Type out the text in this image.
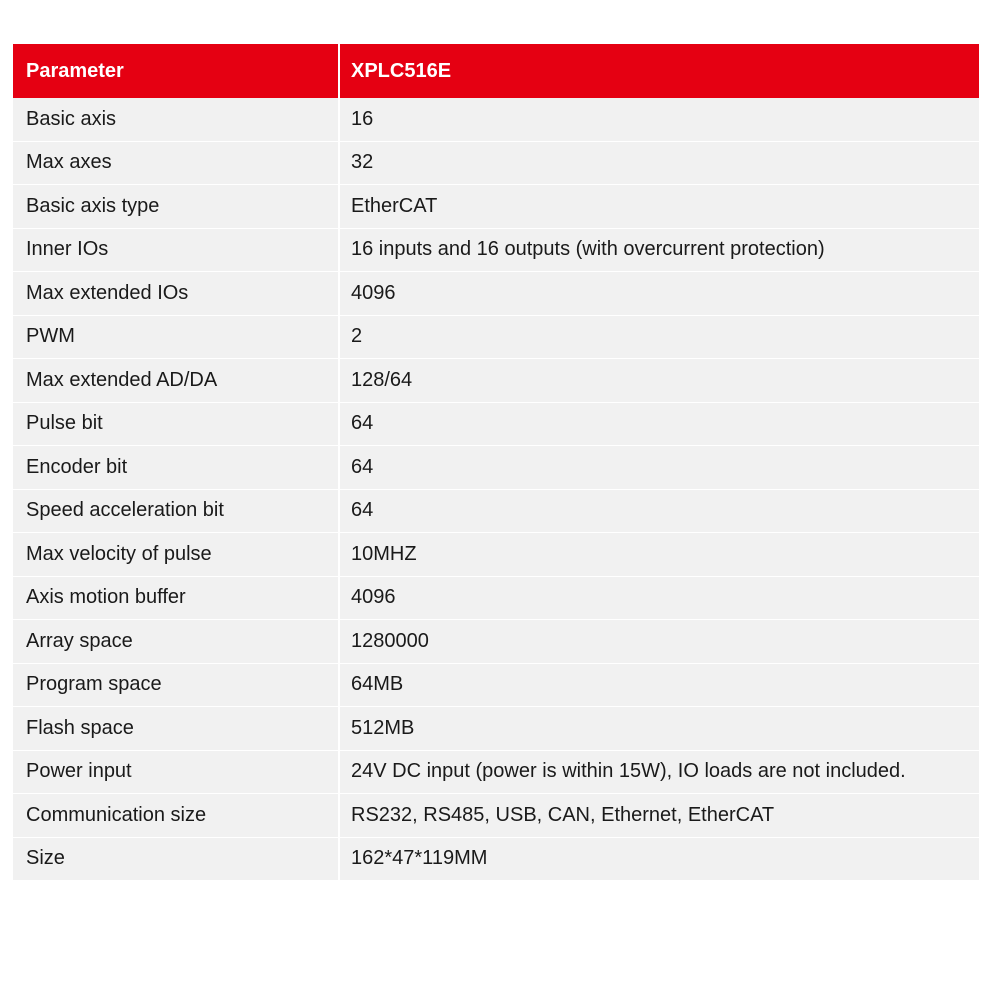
Parameter	XPLC516E
Basic axis	16
Max axes	32
Basic axis type	EtherCAT
Inner IOs	16 inputs and 16 outputs (with overcurrent protection)
Max extended IOs	4096
PWM	2
Max extended AD/DA	128/64
Pulse bit	64
Encoder bit	64
Speed acceleration bit	64
Max velocity of pulse	10MHZ
Axis motion buffer	4096
Array space	1280000
Program space	64MB
Flash space	512MB
Power input	24V DC input (power is within 15W), IO loads are not included.
Communication size	RS232, RS485, USB, CAN, Ethernet, EtherCAT
Size	162*47*119MM
